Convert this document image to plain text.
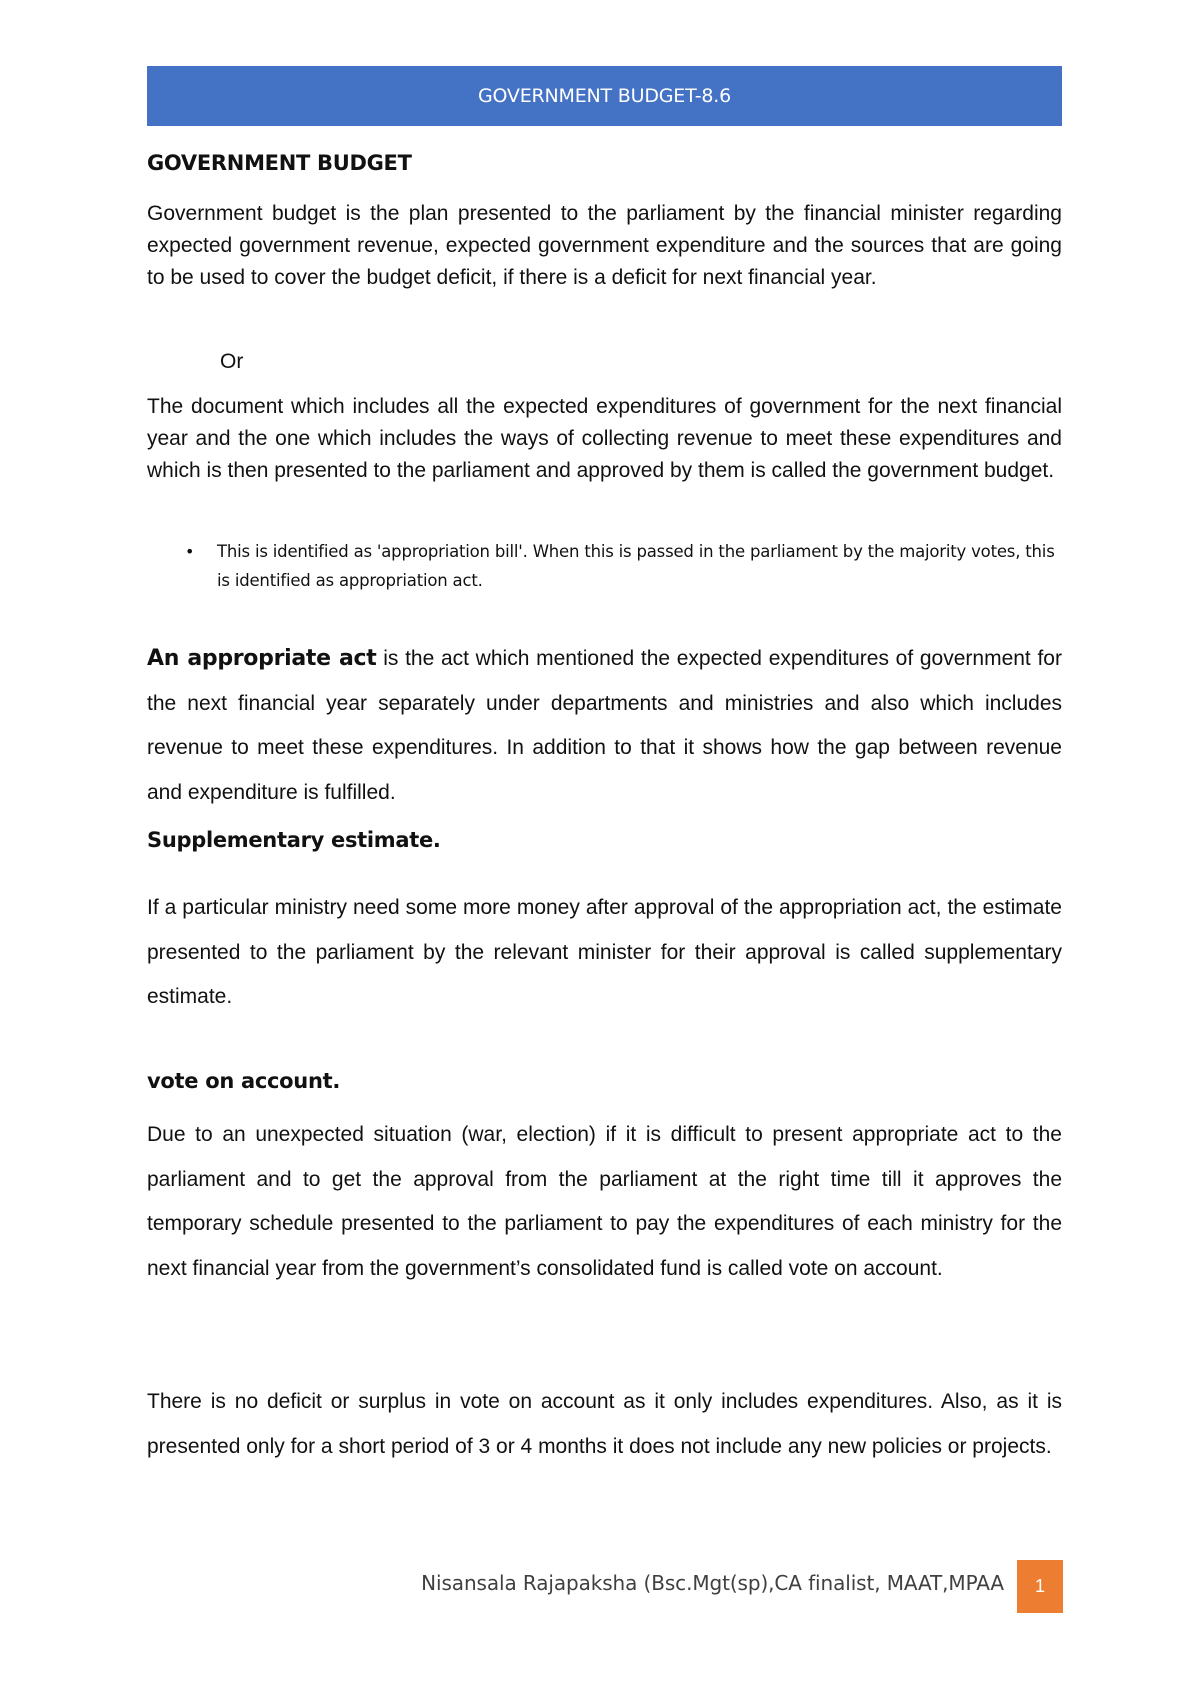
GOVERNMENT BUDGET-8.6
GOVERNMENT BUDGET

Government budget is the plan presented to the parliament by the financial minister regarding expected government revenue, expected government expenditure and the sources that are going to be used to cover the budget deficit, if there is a deficit for next financial year.

Or

The document which includes all the expected expenditures of government for the next financial year and the one which includes the ways of collecting revenue to meet these expenditures and which is then presented to the parliament and approved by them is called the government budget.

•	This is identified as 'appropriation bill'. When this is passed in the parliament by the majority votes, this is identified as appropriation act.

An appropriate act is the act which mentioned the expected expenditures of government for the next financial year separately under departments and ministries and also which includes revenue to meet these expenditures. In addition to that it shows how the gap between revenue and expenditure is fulfilled.

Supplementary estimate.

If a particular ministry need some more money after approval of the appropriation act, the estimate presented to the parliament by the relevant minister for their approval is called supplementary estimate.

vote on account.

Due to an unexpected situation (war, election) if it is difficult to present appropriate act to the parliament and to get the approval from the parliament at the right time till it approves the temporary schedule presented to the parliament to pay the expenditures of each ministry for the next financial year from the government’s consolidated fund is called vote on account.

There is no deficit or surplus in vote on account as it only includes expenditures. Also, as it is presented only for a short period of 3 or 4 months it does not include any new policies or projects.

Nisansala Rajapaksha (Bsc.Mgt(sp),CA finalist, MAAT,MPAA 1
